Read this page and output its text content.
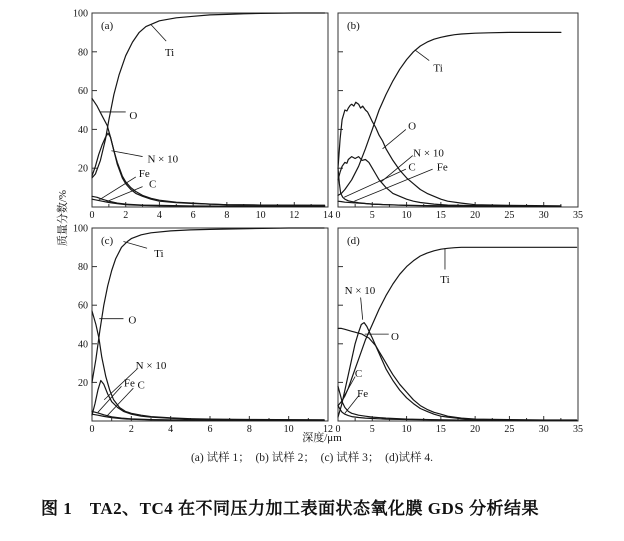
0	2	4	6	8	10 12 14
20
40
60
80
100
Ti
O
N × 10
Fe
C
(a)
0	5	10 15 20 25 30 35
Ti
O
N × 10
C Fe
(b)
0	2	4	6	8	10	12
20
40
60
80
100
Ti
O
N × 10
Fe C
(c)
0	5	10 15 20 25 30 35
N × 10
Ti
O
C
Fe
(d)
质量分数/%
深度/μm
(a) 试样 1；  (b) 试样 2；  (c) 试样 3；  (d)试样 4.
图 1　TA2、TC4 在不同压力加工表面状态氧化膜 GDS 分析结果
